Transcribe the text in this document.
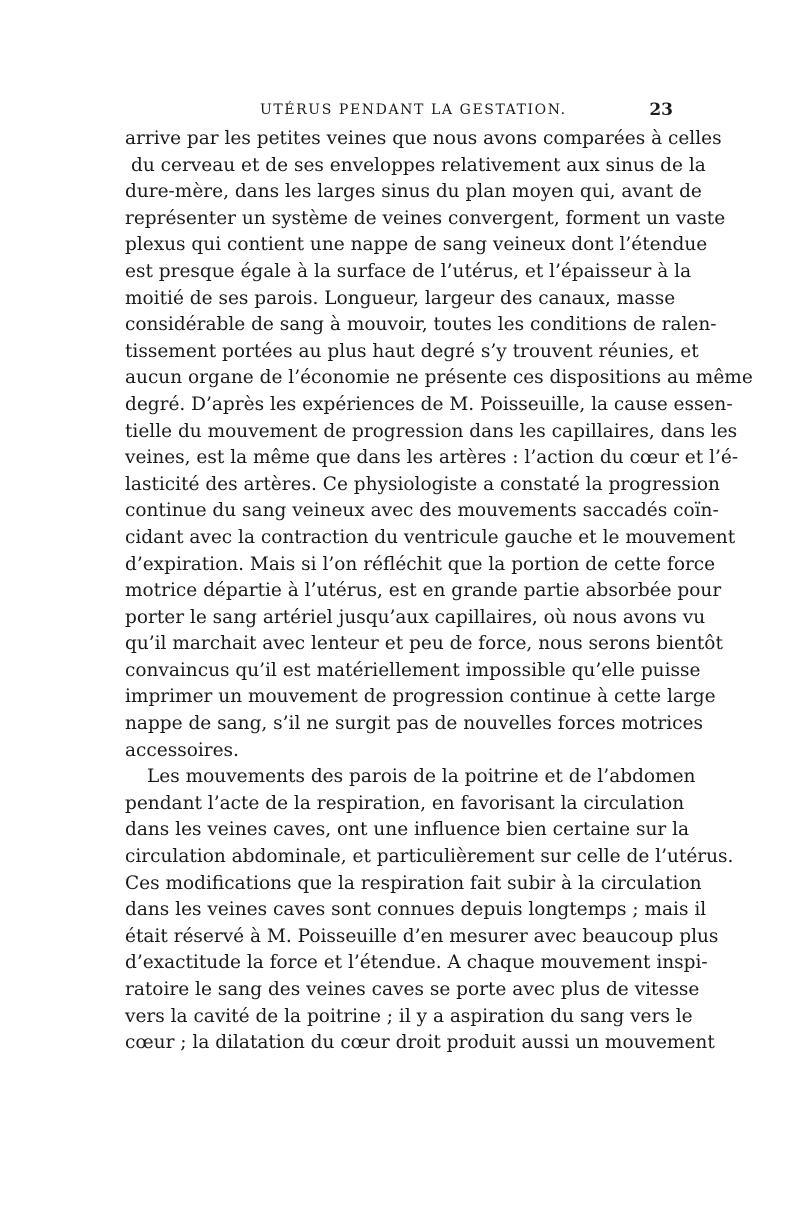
UTÉRUS PENDANT LA GESTATION.	23
arrive par les petites veines que nous avons comparées à celles
du cerveau et de ses enveloppes relativement aux sinus de la
dure-mère, dans les larges sinus du plan moyen qui, avant de
représenter un système de veines convergent, forment un vaste
plexus qui contient une nappe de sang veineux dont l’étendue
est presque égale à la surface de l’utérus, et l’épaisseur à la
moitié de ses parois. Longueur, largeur des canaux, masse
considérable de sang à mouvoir, toutes les conditions de ralen-
tissement portées au plus haut degré s’y trouvent réunies, et
aucun organe de l’économie ne présente ces dispositions au même
degré. D’après les expériences de M. Poisseuille, la cause essen-
tielle du mouvement de progression dans les capillaires, dans les
veines, est la même que dans les artères : l’action du cœur et l’é-
lasticité des artères. Ce physiologiste a constaté la progression
continue du sang veineux avec des mouvements saccadés coïn-
cidant avec la contraction du ventricule gauche et le mouvement
d’expiration. Mais si l’on réfléchit que la portion de cette force
motrice départie à l’utérus, est en grande partie absorbée pour
porter le sang artériel jusqu’aux capillaires, où nous avons vu
qu’il marchait avec lenteur et peu de force, nous serons bientôt
convaincus qu’il est matériellement impossible qu’elle puisse
imprimer un mouvement de progression continue à cette large
nappe de sang, s’il ne surgit pas de nouvelles forces motrices
accessoires.
Les mouvements des parois de la poitrine et de l’abdomen
pendant l’acte de la respiration, en favorisant la circulation
dans les veines caves, ont une influence bien certaine sur la
circulation abdominale, et particulièrement sur celle de l’utérus.
Ces modifications que la respiration fait subir à la circulation
dans les veines caves sont connues depuis longtemps ; mais il
était réservé à M. Poisseuille d’en mesurer avec beaucoup plus
d’exactitude la force et l’étendue. A chaque mouvement inspi-
ratoire le sang des veines caves se porte avec plus de vitesse
vers la cavité de la poitrine ; il y a aspiration du sang vers le
cœur ; la dilatation du cœur droit produit aussi un mouvement
